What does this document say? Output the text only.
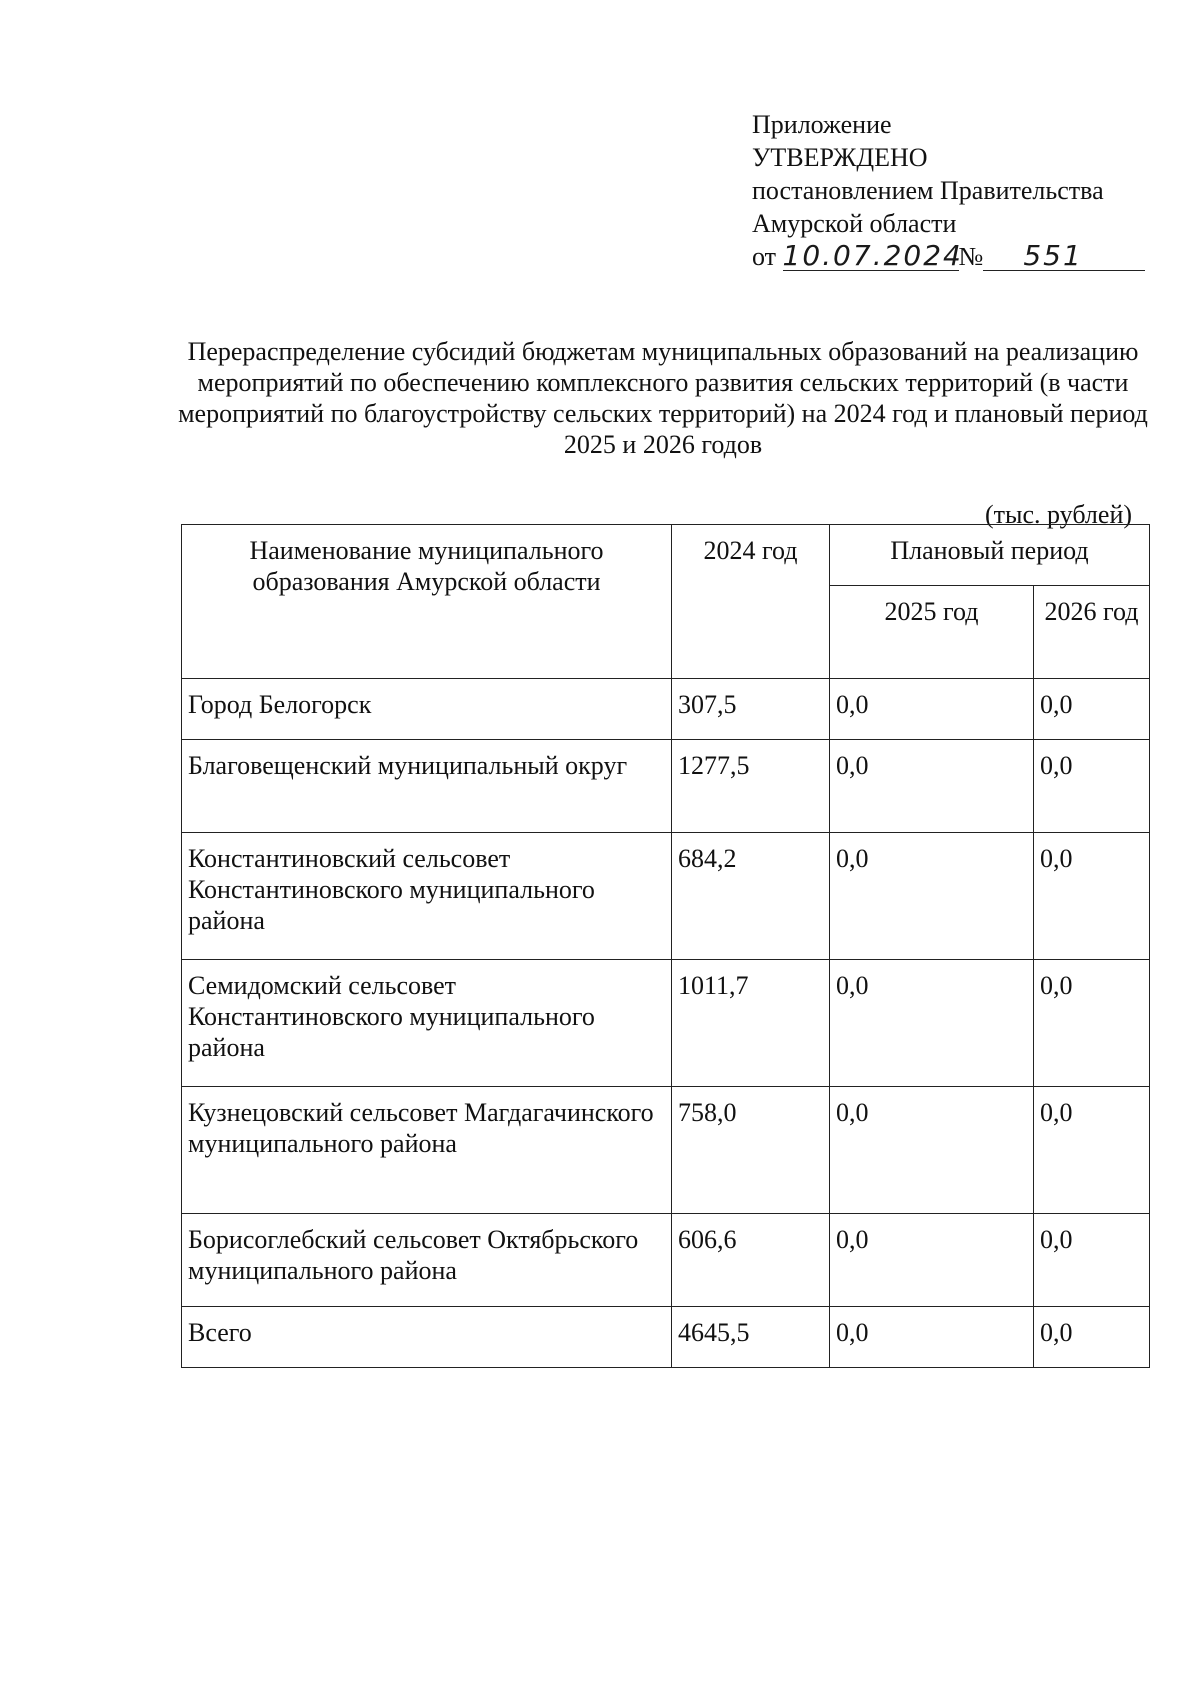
Приложение
УТВЕРЖДЕНО
постановлением Правительства
Амурской области
от 10.07.2024№ 551
Перераспределение субсидий бюджетам муниципальных образований на реализацию мероприятий по обеспечению комплексного развития сельских территорий (в части мероприятий по благоустройству сельских территорий) на 2024 год и плановый период 2025 и 2026 годов
(тыс. рублей)
Наименование муниципального образования Амурской области	2024 год	Плановый период	
		2025 год	2026 год
Город Белогорск	307,5	0,0	0,0
Благовещенский муниципальный округ	1277,5	0,0	0,0
Константиновский сельсовет Константиновского муниципального района	684,2	0,0	0,0
Семидомский сельсовет Константиновского муниципального района	1011,7	0,0	0,0
Кузнецовский сельсовет Магдагачинского муниципального района	758,0	0,0	0,0
Борисоглебский сельсовет Октябрьского муниципального района	606,6	0,0	0,0
Всего	4645,5	0,0	0,0
